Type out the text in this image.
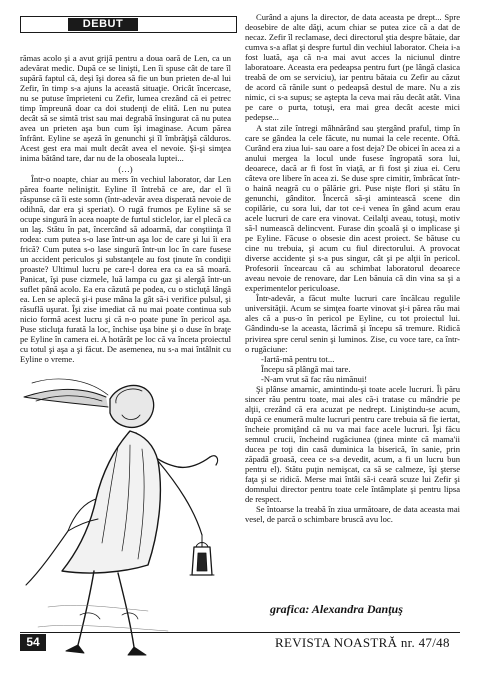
DEBUT

rămas acolo şi a avut grijă pentru a doua oară de Len, ca un adevărat medic. După ce se linişti, Len îi spuse cât de tare îl supără faptul că, deşi îşi dorea să fie un bun prieten de-al lui Zefir, în timp s-a ajuns la această situaţie. Oricât încercase, nu se putuse împrieteni cu Zefir, lumea crezând că ei petrec timp împreună doar ca doi studenţi de elită. Len nu putea decât să se simtă trist sau mai degrabă însingurat că nu putea avea un prieten aşa bun cum îşi imaginase. Acum părea înfrânt. Eyline se aşeză în genunchi şi îl îmbrăţişă călduros. Acest gest era mai mult decât avea el nevoie. Şi-şi simţea inima bătând tare, dar nu de la oboseala luptei...

(…)

Într-o noapte, chiar au mers în vechiul laborator, dar Len părea foarte neliniştit. Eyline îl întrebă ce are, dar el îi răspunse că îi este somn (într-adevăr avea disperată nevoie de odihnă, dar era şi speriat). O rugă frumos pe Eyline să se ocupe singură în acea noapte de furtul sticlelor, iar el plecă ca un laş. Stătu în pat, încercând să adoarmă, dar conştiinţa îl rodea: cum putea s-o lase într-un aşa loc de care şi lui îi era frică? Cum putea s-o lase singură într-un loc în care fusese un accident periculos şi substanţele au fost ţinute în condiţii proaste? Ultimul lucru pe care-l dorea era ca ea să moară. Panicat, îşi puse cizmele, luă lampa cu gaz şi alergă într-un suflet până acolo. Ea era căzută pe podea, cu o sticluţă lângă ea. Len se aplecă şi-i puse mâna la gât să-i verifice pulsul, şi răsuflă uşurat. Îşi zise imediat că nu mai poate continua sub nicio formă acest lucru şi că n-o poate pune în pericol aşa. Puse sticluţa furată la loc, închise uşa bine şi o duse în braţe pe Eyline în camera ei. A hotărât pe loc că va înceta proiectul cu totul şi aşa a şi făcut. De asemenea, nu s-a mai întâlnit cu Eyline o vreme.

Curând a ajuns la director, de data aceasta pe drept... Spre deosebire de alte dăţi, acum chiar se putea zice că a dat de necaz. Zefir îl reclamase, deci directorul ştia despre bătaie, dar cumva s-a aflat şi despre furtul din vechiul laborator. Cheia i-a fost luată, aşa că n-a mai avut acces la niciunul dintre laboratoare. Aceasta era pedeapsa pentru furt (pe lângă clasica treabă de om se serviciu), iar pentru bătaia cu Zefir au căzut de acord că rănile sunt o pedeapsă destul de mare. Nu a zis nimic, ci s-a supus; se aştepta la ceva mai rău decât atât. Vina pe care o purta, totuşi, era mai grea decât aceste mici pedepse...

A stat zile întregi mâhnărând sau ştergând praful, timp în care se gândea la cele făcute, nu numai la cele recente. Oftă. Curând era ziua lui- sau oare a fost deja? De obicei în acea zi a anului mergea la locul unde fusese îngropată sora lui, deoarece, dacă ar fi fost în viaţă, ar fi fost şi ziua ei. Ceru câteva ore libere în acea zi. Se duse spre cimitir, îmbrăcat într-o haină neagră cu o pălărie gri. Puse niște flori și stătu în genunchi, gânditor. Încercă să-şi amintească scene din copilărie, cu sora lui, dar tot ce-i venea în gând acum erau acele lucruri de care era vinovat. Ceilalţi aveau, totuşi, motiv să-l numească delincvent. Furase din şcoală şi o implicase şi pe Eyline. Făcuse o obsesie din acest proiect. Se bătuse cu cine nu trebuia, şi acum cu fiul directorului. A provocat diverse accidente şi s-a pus singur, cât şi pe alţii în pericol. Profesorii încearcau că au schimbat laboratorul deoarece aveau nevoie de renovare, dar Len bănuia că din vina sa şi a experimentelor periculoase.

Într-adevăr, a făcut multe lucruri care încălcau regulile universităţii. Acum se simţea foarte vinovat şi-i părea rău mai ales că a pus-o în pericol pe Eyline, cu tot proiectul lui. Gândindu-se la aceasta, lăcrimă şi începu să tremure. Ridică privirea spre cerul senin şi luminos. Zise, cu voce tare, ca într-o rugăciune:

-Iartă-mă pentru tot...

Începu să plângă mai tare.

-N-am vrut să fac rău nimănui!

Şi plânse amarnic, amintindu-şi toate acele lucruri. Îi păru sincer rău pentru toate, mai ales că-i tratase cu mândrie pe alţii, crezând că era acuzat pe nedrept. Liniştindu-se acum, după ce enumeră multe lucruri pentru care trebuia să fie iertat, încheie promiţând că nu va mai face acele lucruri. Îşi făcu semnul crucii, încheind rugăciunea (ţinea minte că mama'ii ducea pe toţi din casă duminica la biserică, în sanie, prin zăpadă groasă, ceea ce s-a devedit, acum, a fi un lucru bun pentru el). Stătu puţin nemişcat, ca să se calmeze, îşi şterse faţa şi se ridică. Merse mai întâi să-i ceară scuze lui Zefir şi domnului director pentru toate cele întâmplate şi pentru lipsa de respect.

Se întoarse la treabă în ziua următoare, de data aceasta mai vesel, de parcă o schimbare bruscă avu loc.

grafica: Alexandra Danţuş
54	REVISTA NOASTRĂ nr. 47/48
